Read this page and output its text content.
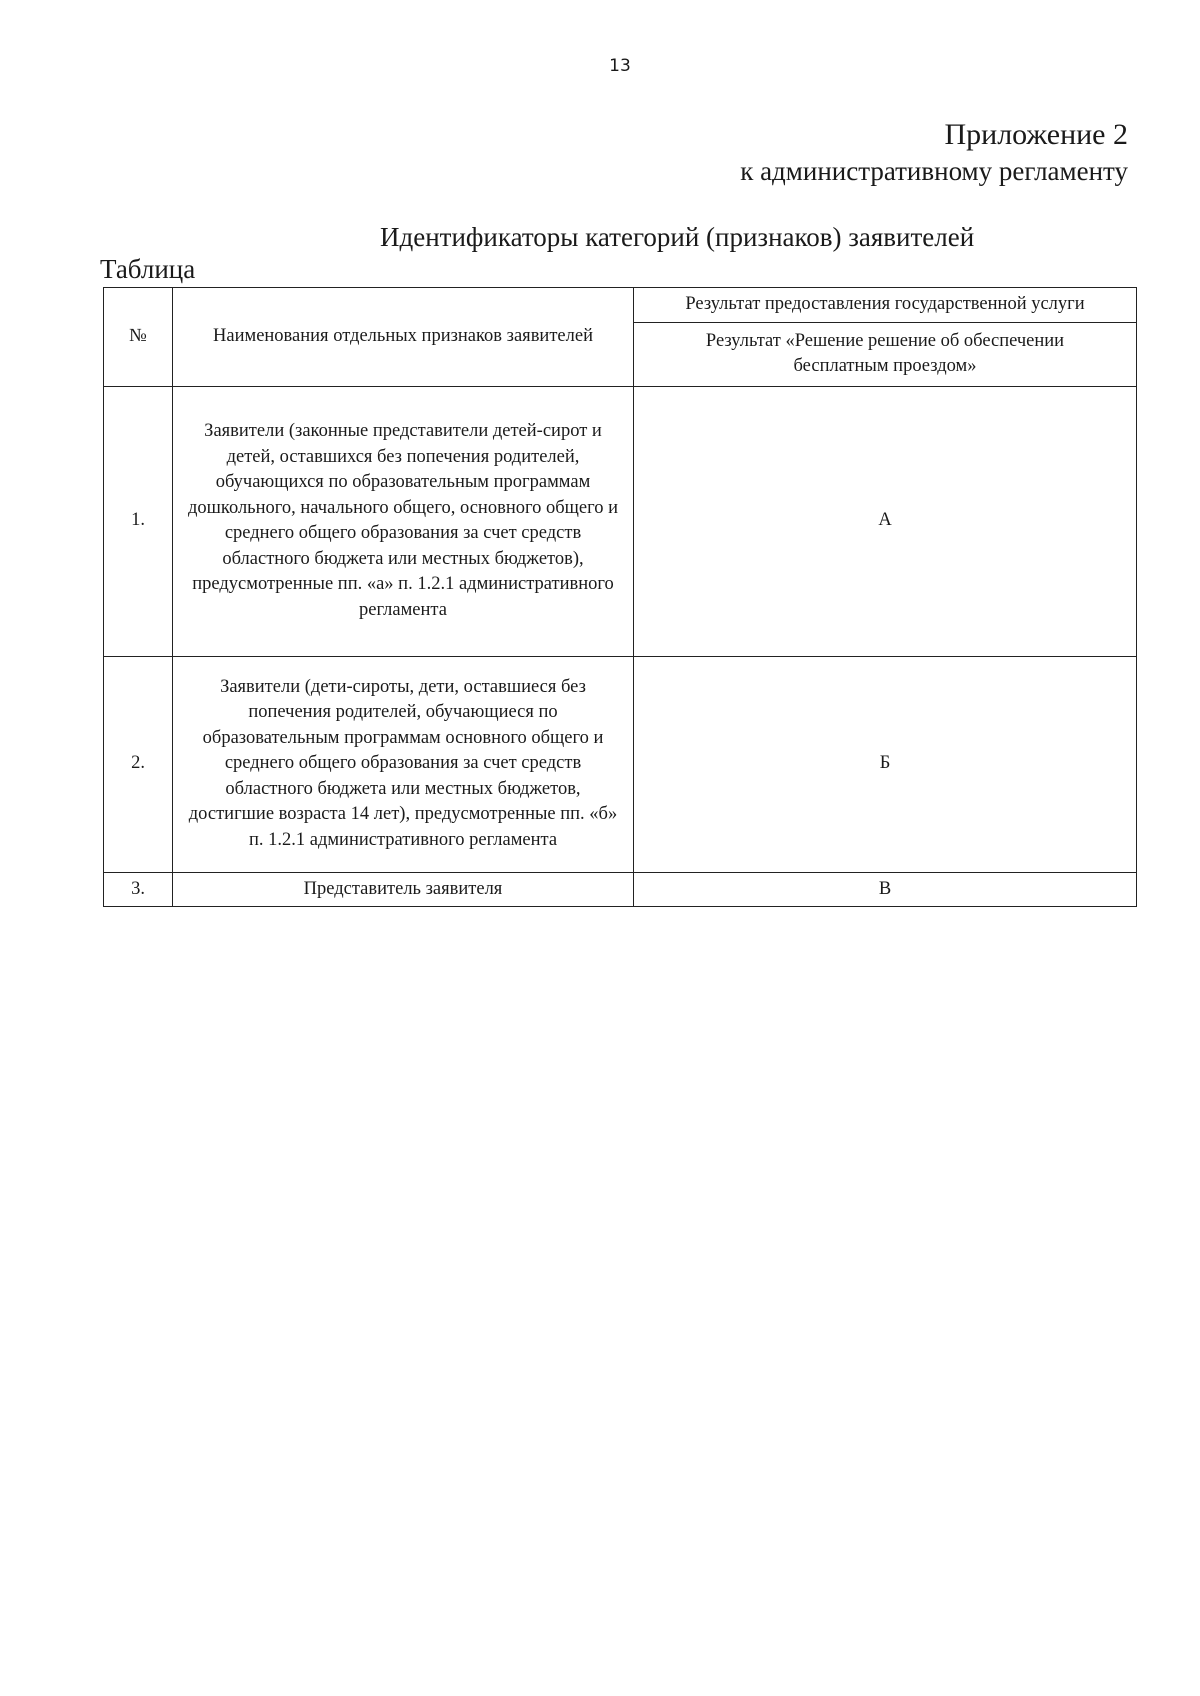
13
Приложение 2
к административному регламенту
Идентификаторы категорий (признаков) заявителей
Таблица
№	Наименования отдельных признаков заявителей	Результат предоставления государственной услуги
		Результат «Решение решение об обеспечении бесплатным проездом»
1.	Заявители (законные представители детей-сирот и детей, оставшихся без попечения родителей, обучающихся по образовательным программам дошкольного, начального общего, основного общего и среднего общего образования за счет средств областного бюджета или местных бюджетов), предусмотренные пп. «а» п. 1.2.1 административного регламента	А
2.	Заявители (дети-сироты, дети, оставшиеся без попечения родителей, обучающиеся по образовательным программам основного общего и среднего общего образования за счет средств областного бюджета или местных бюджетов, достигшие возраста 14 лет), предусмотренные пп. «б» п. 1.2.1 административного регламента	Б
3.	Представитель заявителя	В
